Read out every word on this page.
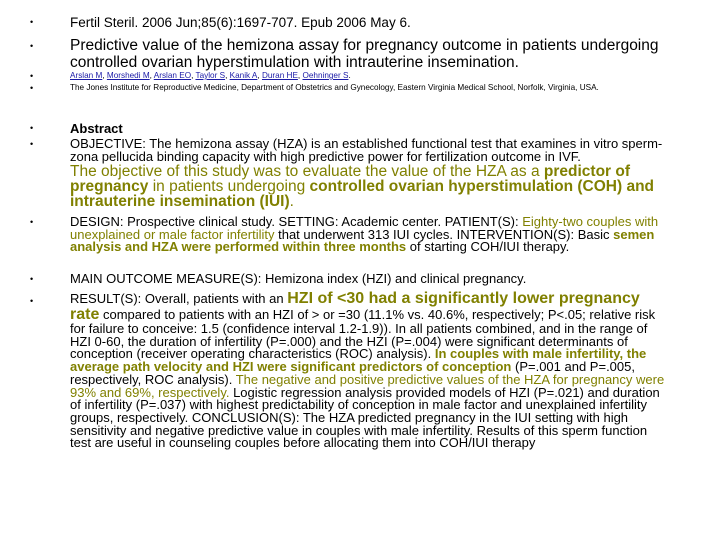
•	Fertil Steril. 2006 Jun;85(6):1697-707. Epub 2006 May 6.
• Predictive value of the hemizona assay for pregnancy outcome in patients undergoing controlled ovarian hyperstimulation with intrauterine insemination.
•	Arslan M, Morshedi M, Arslan EO, Taylor S, Kanik A, Duran HE, Oehninger S.
•	The Jones Institute for Reproductive Medicine, Department of Obstetrics and Gynecology, Eastern Virginia Medical School, Norfolk, Virginia, USA.
•	Abstract
•	OBJECTIVE: The hemizona assay (HZA) is an established functional test that examines in vitro sperm-zona pellucida binding capacity with high predictive power for fertilization outcome in IVF.
The objective of this study was to evaluate the value of the HZA as a predictor of pregnancy in patients undergoing controlled ovarian hyperstimulation (COH) and intrauterine insemination (IUI).
•	DESIGN: Prospective clinical study. SETTING: Academic center. PATIENT(S): Eighty-two couples with unexplained or male factor infertility that underwent 313 IUI cycles. INTERVENTION(S): Basic semen analysis and HZA were performed within three months of starting COH/IUI therapy.
•	MAIN OUTCOME MEASURE(S): Hemizona index (HZI) and clinical pregnancy.
•	RESULT(S): Overall, patients with an HZI of <30 had a significantly lower pregnancy rate compared to patients with an HZI of > or =30 (11.1% vs. 40.6%, respectively; P<.05; relative risk for failure to conceive: 1.5 (confidence interval 1.2-1.9)). In all patients combined, and in the range of HZI 0-60, the duration of infertility (P=.000) and the HZI (P=.004) were significant determinants of conception (receiver operating characteristics (ROC) analysis). In couples with male infertility, the average path velocity and HZI were significant predictors of conception (P=.001 and P=.005, respectively, ROC analysis). The negative and positive predictive values of the HZA for pregnancy were 93% and 69%, respectively. Logistic regression analysis provided models of HZI (P=.021) and duration of infertility (P=.037) with highest predictability of conception in male factor and unexplained infertility groups, respectively. CONCLUSION(S): The HZA predicted pregnancy in the IUI setting with high sensitivity and negative predictive value in couples with male infertility. Results of this sperm function test are useful in counseling couples before allocating them into COH/IUI therapy
